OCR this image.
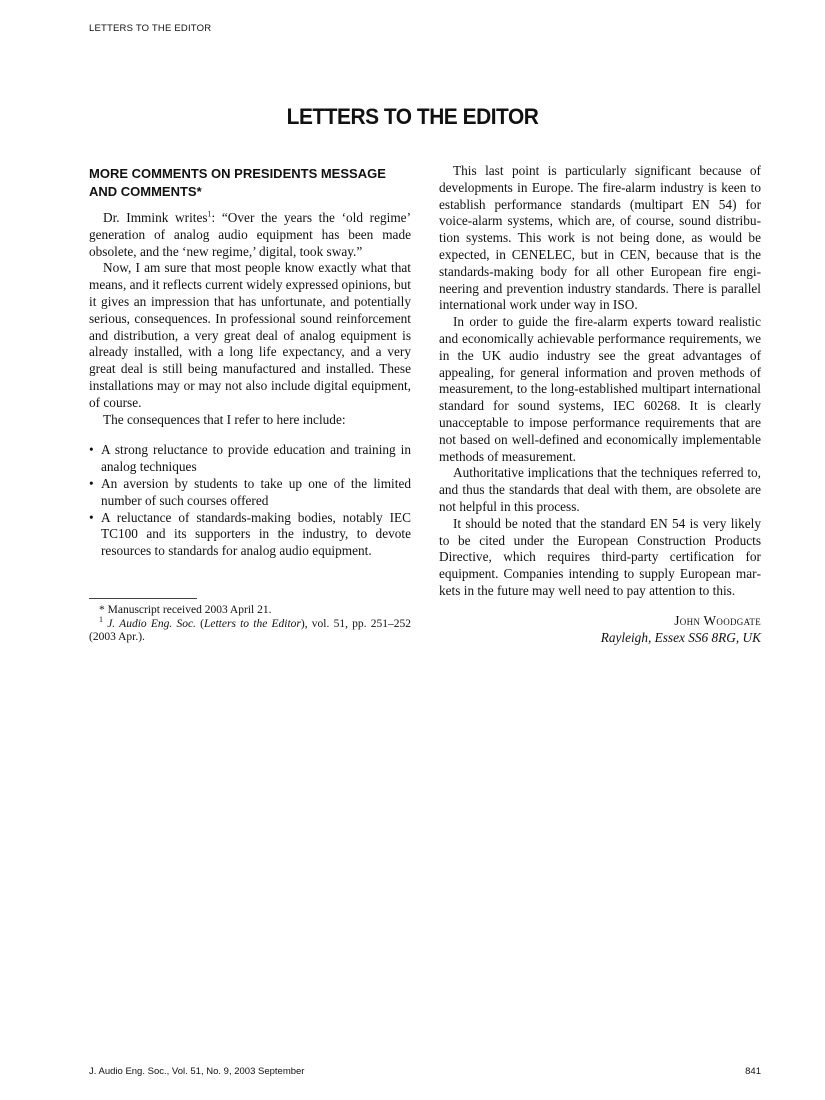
LETTERS TO THE EDITOR
LETTERS TO THE EDITOR
MORE COMMENTS ON PRESIDENTS MESSAGE
AND COMMENTS*

Dr. Immink writes$^1$: “Over the years the ‘old regime’ generation of analog audio equipment has been made obsolete, and the ‘new regime,’ digital, took sway.”

Now, I am sure that most people know exactly what that means, and it reflects current widely expressed opinions, but it gives an impression that has unfortunate, and potentially serious, consequences. In professional sound reinforcement and distribution, a very great deal of analog equipment is already installed, with a long life expectancy, and a very great deal is still being manufactured and installed. These installations may or may not also include digital equipment, of course.

The consequences that I refer to here include:

• A strong reluctance to provide education and training in analog techniques
• An aversion by students to take up one of the limited number of such courses offered
• A reluctance of standards-making bodies, notably IEC TC100 and its supporters in the industry, to devote resources to standards for analog audio equipment.

* Manuscript received 2003 April 21.

$^1$ J. Audio Eng. Soc. (Letters to the Editor), vol. 51, pp. 251–252 (2003 Apr.).

This last point is particularly significant because of developments in Europe. The fire-alarm industry is keen to establish performance standards (multipart EN 54) for voice-alarm systems, which are, of course, sound distribution systems. This work is not being done, as would be expected, in CENELEC, but in CEN, because that is the standards-making body for all other European fire engineering and prevention industry standards. There is parallel international work under way in ISO.

In order to guide the fire-alarm experts toward realistic and economically achievable performance requirements, we in the UK audio industry see the great advantages of appealing, for general information and proven methods of measurement, to the long-established multipart international standard for sound systems, IEC 60268. It is clearly unacceptable to impose performance requirements that are not based on well-defined and economically implementable methods of measurement.

Authoritative implications that the techniques referred to, and thus the standards that deal with them, are obsolete are not helpful in this process.

It should be noted that the standard EN 54 is very likely to be cited under the European Construction Products Directive, which requires third-party certification for equipment. Companies intending to supply European markets in the future may well need to pay attention to this.

John Woodgate
Rayleigh, Essex SS6 8RG, UK
J. Audio Eng. Soc., Vol. 51, No. 9, 2003 September	841
